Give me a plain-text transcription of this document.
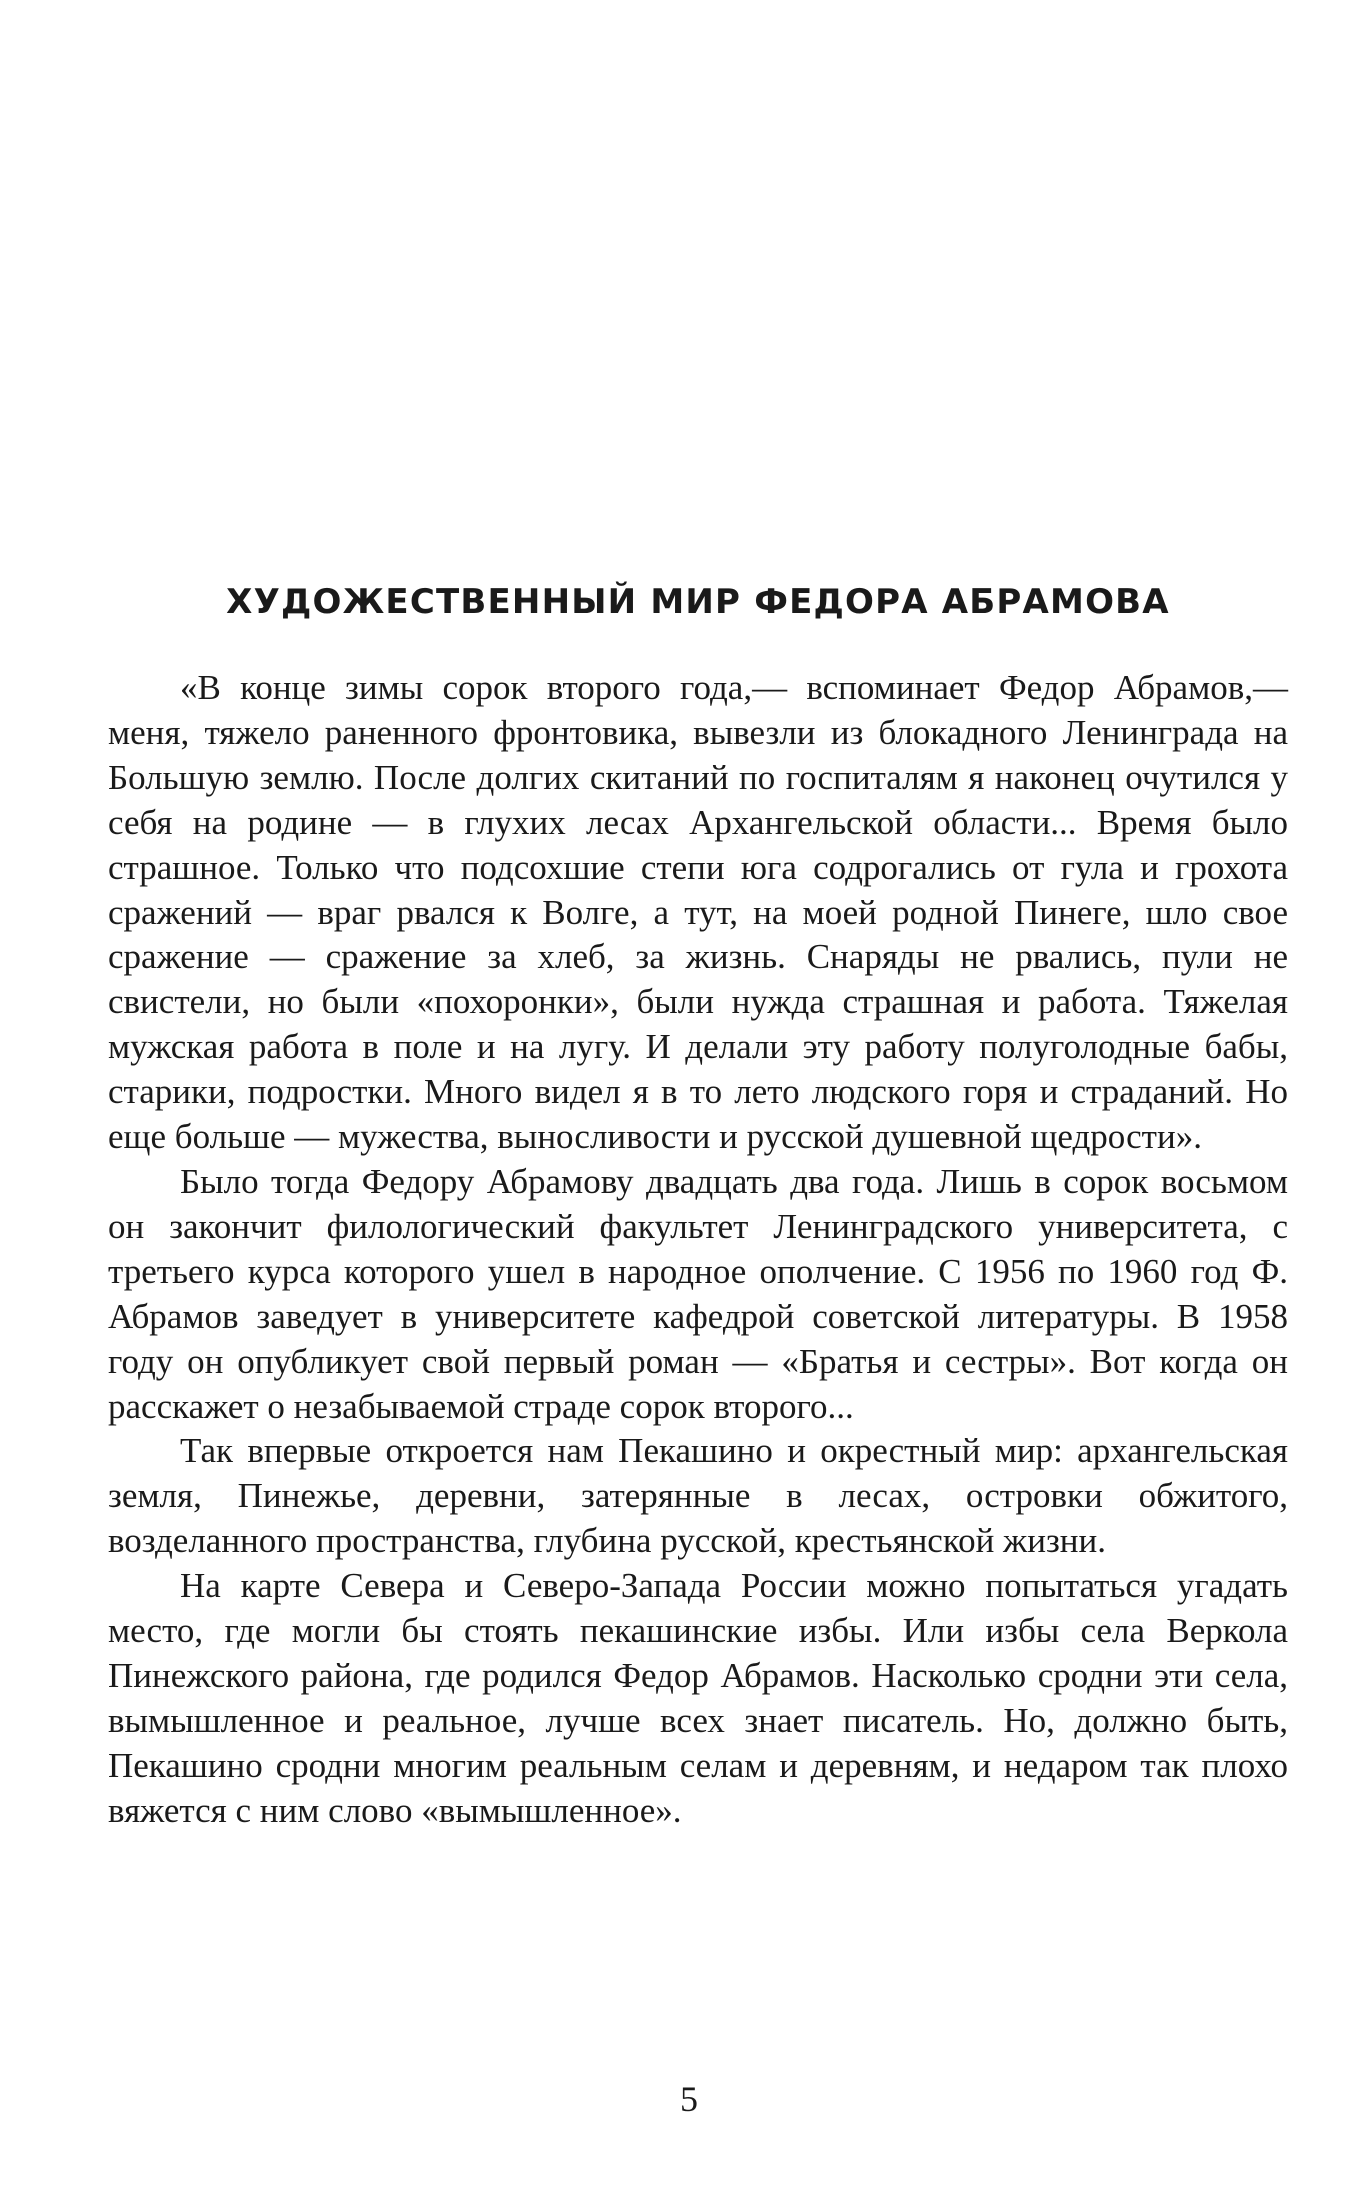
ХУДОЖЕСТВЕННЫЙ МИР ФЕДОРА АБРАМОВА

«В конце зимы сорок второго года,— вспоминает Федор Абрамов,— меня, тяжело раненного фронтовика, вывезли из блокадного Ленинграда на Большую землю. После долгих скитаний по госпиталям я наконец очутился у себя на родине — в глухих лесах Архангельской области... Время было страшное. Только что подсохшие степи юга содрогались от гула и грохота сражений — враг рвался к Волге, а тут, на моей родной Пинеге, шло свое сражение — сражение за хлеб, за жизнь. Снаряды не рвались, пули не свистели, но были «похоронки», были нужда страшная и работа. Тяжелая мужская работа в поле и на лугу. И делали эту работу полуголодные бабы, старики, подростки. Много видел я в то лето людского горя и страданий. Но еще больше — мужества, выносливости и русской душевной щедрости».

Было тогда Федору Абрамову двадцать два года. Лишь в сорок восьмом он закончит филологический факультет Ленинградского университета, с третьего курса которого ушел в народное ополчение. С 1956 по 1960 год Ф. Абрамов заведует в университете кафедрой советской литературы. В 1958 году он опубликует свой первый роман — «Братья и сестры». Вот когда он расскажет о незабываемой страде сорок второго...

Так впервые откроется нам Пекашино и окрестный мир: архангельская земля, Пинежье, деревни, затерянные в лесах, островки обжитого, возделанного пространства, глубина русской, крестьянской жизни.

На карте Севера и Северо-Запада России можно попытаться угадать место, где могли бы стоять пекашинские избы. Или избы села Веркола Пинежского района, где родился Федор Абрамов. Насколько сродни эти села, вымышленное и реальное, лучше всех знает писатель. Но, должно быть, Пекашино сродни многим реальным селам и деревням, и недаром так плохо вяжется с ним слово «вымышленное».

5
